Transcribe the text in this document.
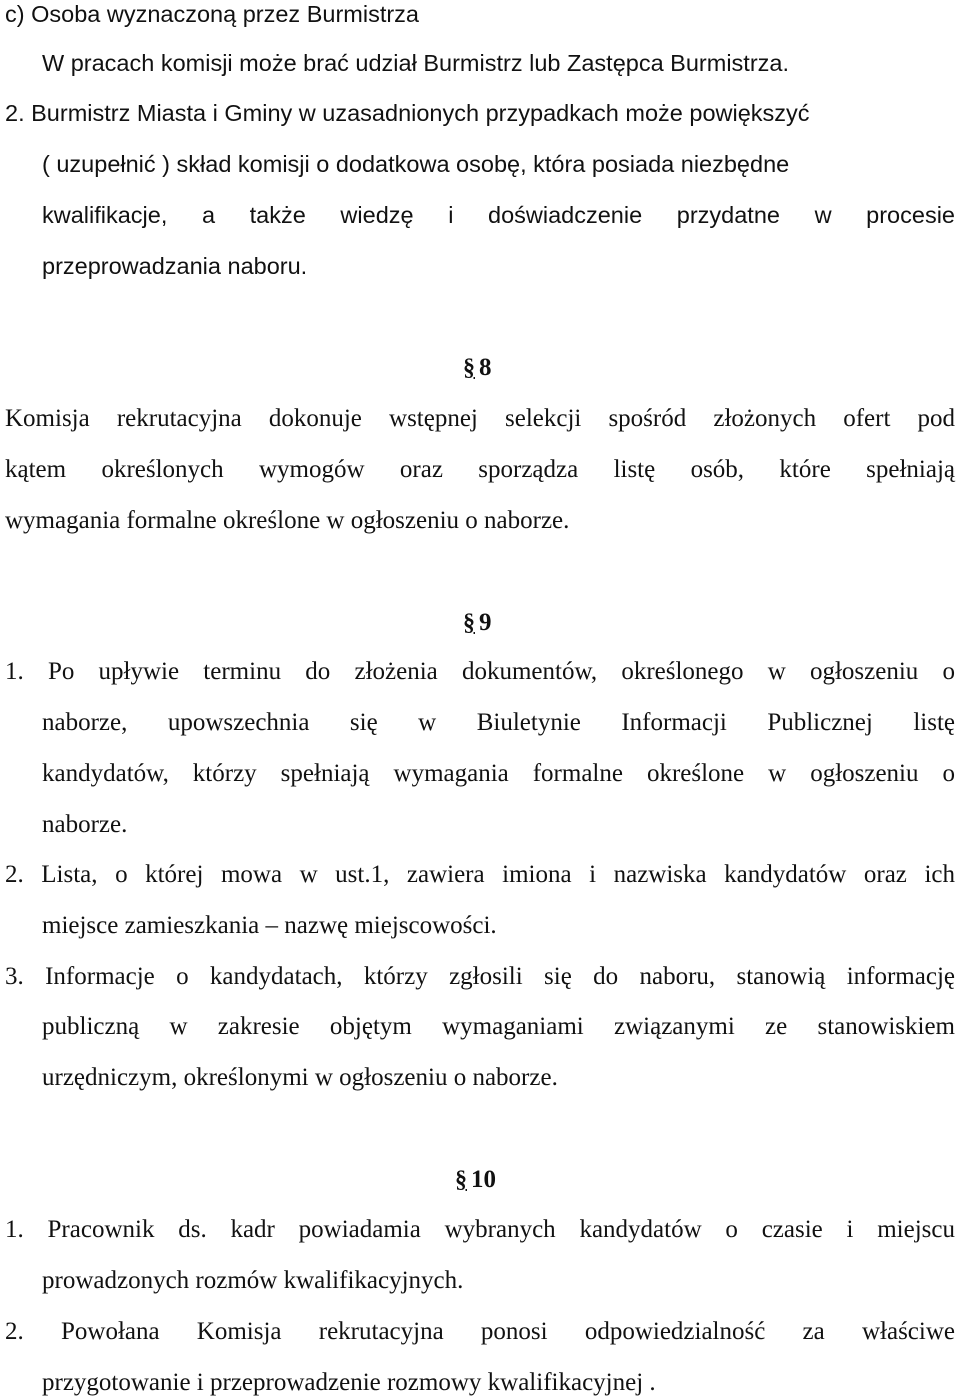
c) Osoba wyznaczoną przez Burmistrza
W pracach komisji może brać udział Burmistrz lub Zastępca Burmistrza.
2. Burmistrz Miasta i Gminy w uzasadnionych przypadkach może powiększyć
( uzupełnić ) skład komisji o dodatkowa osobę, która posiada niezbędne
kwalifikacje, a także wiedzę i doświadczenie przydatne w procesie
przeprowadzania naboru.
§ 8
Komisja rekrutacyjna dokonuje wstępnej selekcji spośród złożonych ofert pod
kątem określonych wymogów oraz sporządza listę osób, które spełniają
wymagania formalne określone w ogłoszeniu o naborze.
§ 9
1. Po upływie terminu do złożenia dokumentów, określonego w ogłoszeniu o
naborze, upowszechnia się w Biuletynie Informacji Publicznej listę
kandydatów, którzy spełniają wymagania formalne określone w ogłoszeniu o
naborze.
2. Lista, o której mowa w ust.1, zawiera imiona i nazwiska kandydatów oraz ich
miejsce zamieszkania – nazwę miejscowości.
3. Informacje o kandydatach, którzy zgłosili się do naboru, stanowią informację
publiczną w zakresie objętym wymaganiami związanymi ze stanowiskiem
urzędniczym, określonymi w ogłoszeniu o naborze.
§ 10
1. Pracownik ds. kadr powiadamia wybranych kandydatów o czasie i miejscu
prowadzonych rozmów kwalifikacyjnych.
2. Powołana Komisja rekrutacyjna ponosi odpowiedzialność za właściwe
przygotowanie i przeprowadzenie rozmowy kwalifikacyjnej .
